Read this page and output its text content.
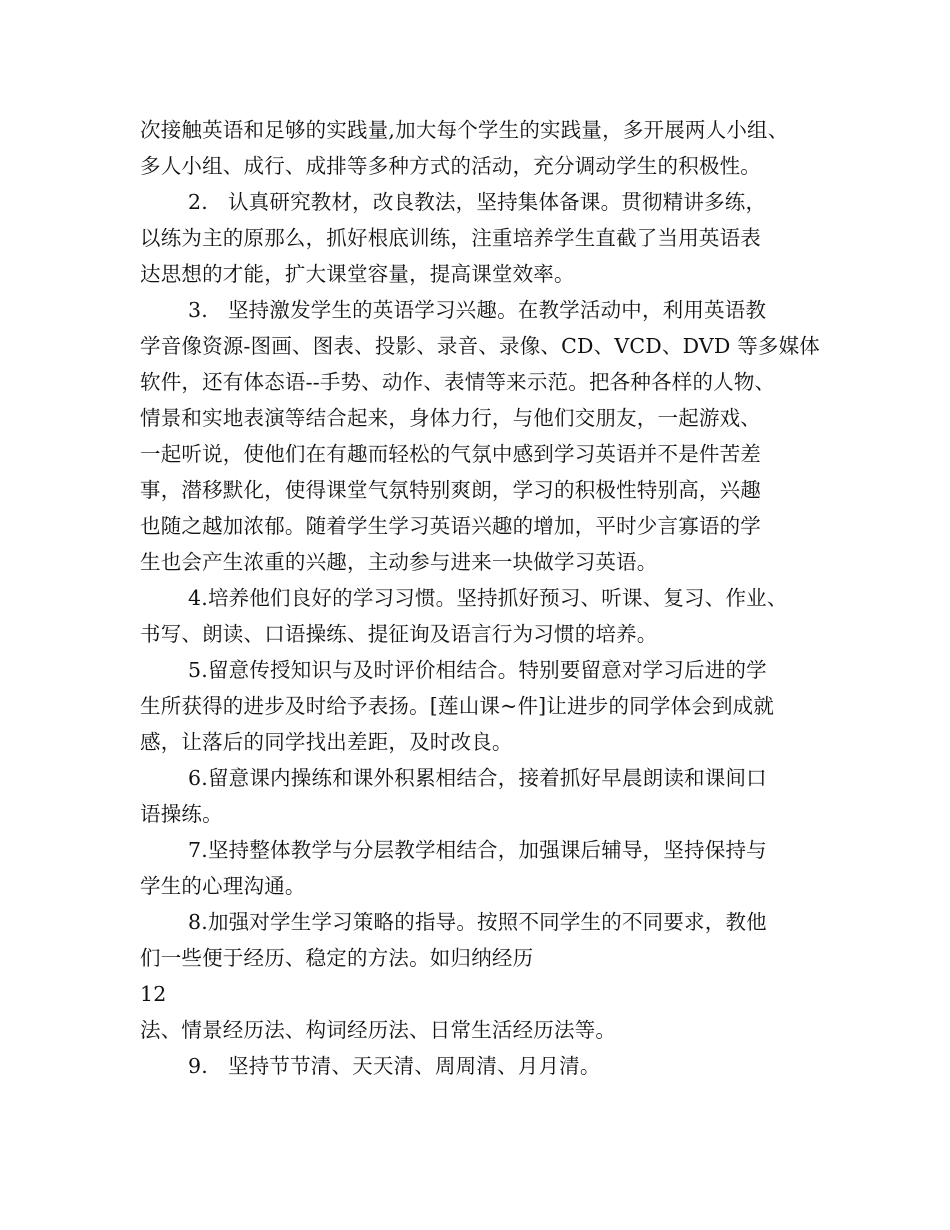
次接触英语和足够的实践量,加大每个学生的实践量，多开展两人小组、
多人小组、成行、成排等多种方式的活动，充分调动学生的积极性。
2. 认真研究教材，改良教法，坚持集体备课。贯彻精讲多练，
以练为主的原那么，抓好根底训练，注重培养学生直截了当用英语表
达思想的才能，扩大课堂容量，提高课堂效率。
3. 坚持激发学生的英语学习兴趣。在教学活动中，利用英语教
学音像资源-图画、图表、投影、录音、录像、CD、VCD、DVD 等多媒体
软件，还有体态语--手势、动作、表情等来示范。把各种各样的人物、
情景和实地表演等结合起来，身体力行，与他们交朋友，一起游戏、
一起听说，使他们在有趣而轻松的气氛中感到学习英语并不是件苦差
事，潜移默化，使得课堂气氛特别爽朗，学习的积极性特别高，兴趣
也随之越加浓郁。随着学生学习英语兴趣的增加，平时少言寡语的学
生也会产生浓重的兴趣，主动参与进来一块做学习英语。
4.培养他们良好的学习习惯。坚持抓好预习、听课、复习、作业、
书写、朗读、口语操练、提征询及语言行为习惯的培养。
5.留意传授知识与及时评价相结合。特别要留意对学习后进的学
生所获得的进步及时给予表扬。[莲山课~件]让进步的同学体会到成就
感，让落后的同学找出差距，及时改良。
6.留意课内操练和课外积累相结合，接着抓好早晨朗读和课间口
语操练。
7.坚持整体教学与分层教学相结合，加强课后辅导，坚持保持与
学生的心理沟通。
8.加强对学生学习策略的指导。按照不同学生的不同要求，教他
们一些便于经历、稳定的方法。如归纳经历
12
法、情景经历法、构词经历法、日常生活经历法等。
9. 坚持节节清、天天清、周周清、月月清。
